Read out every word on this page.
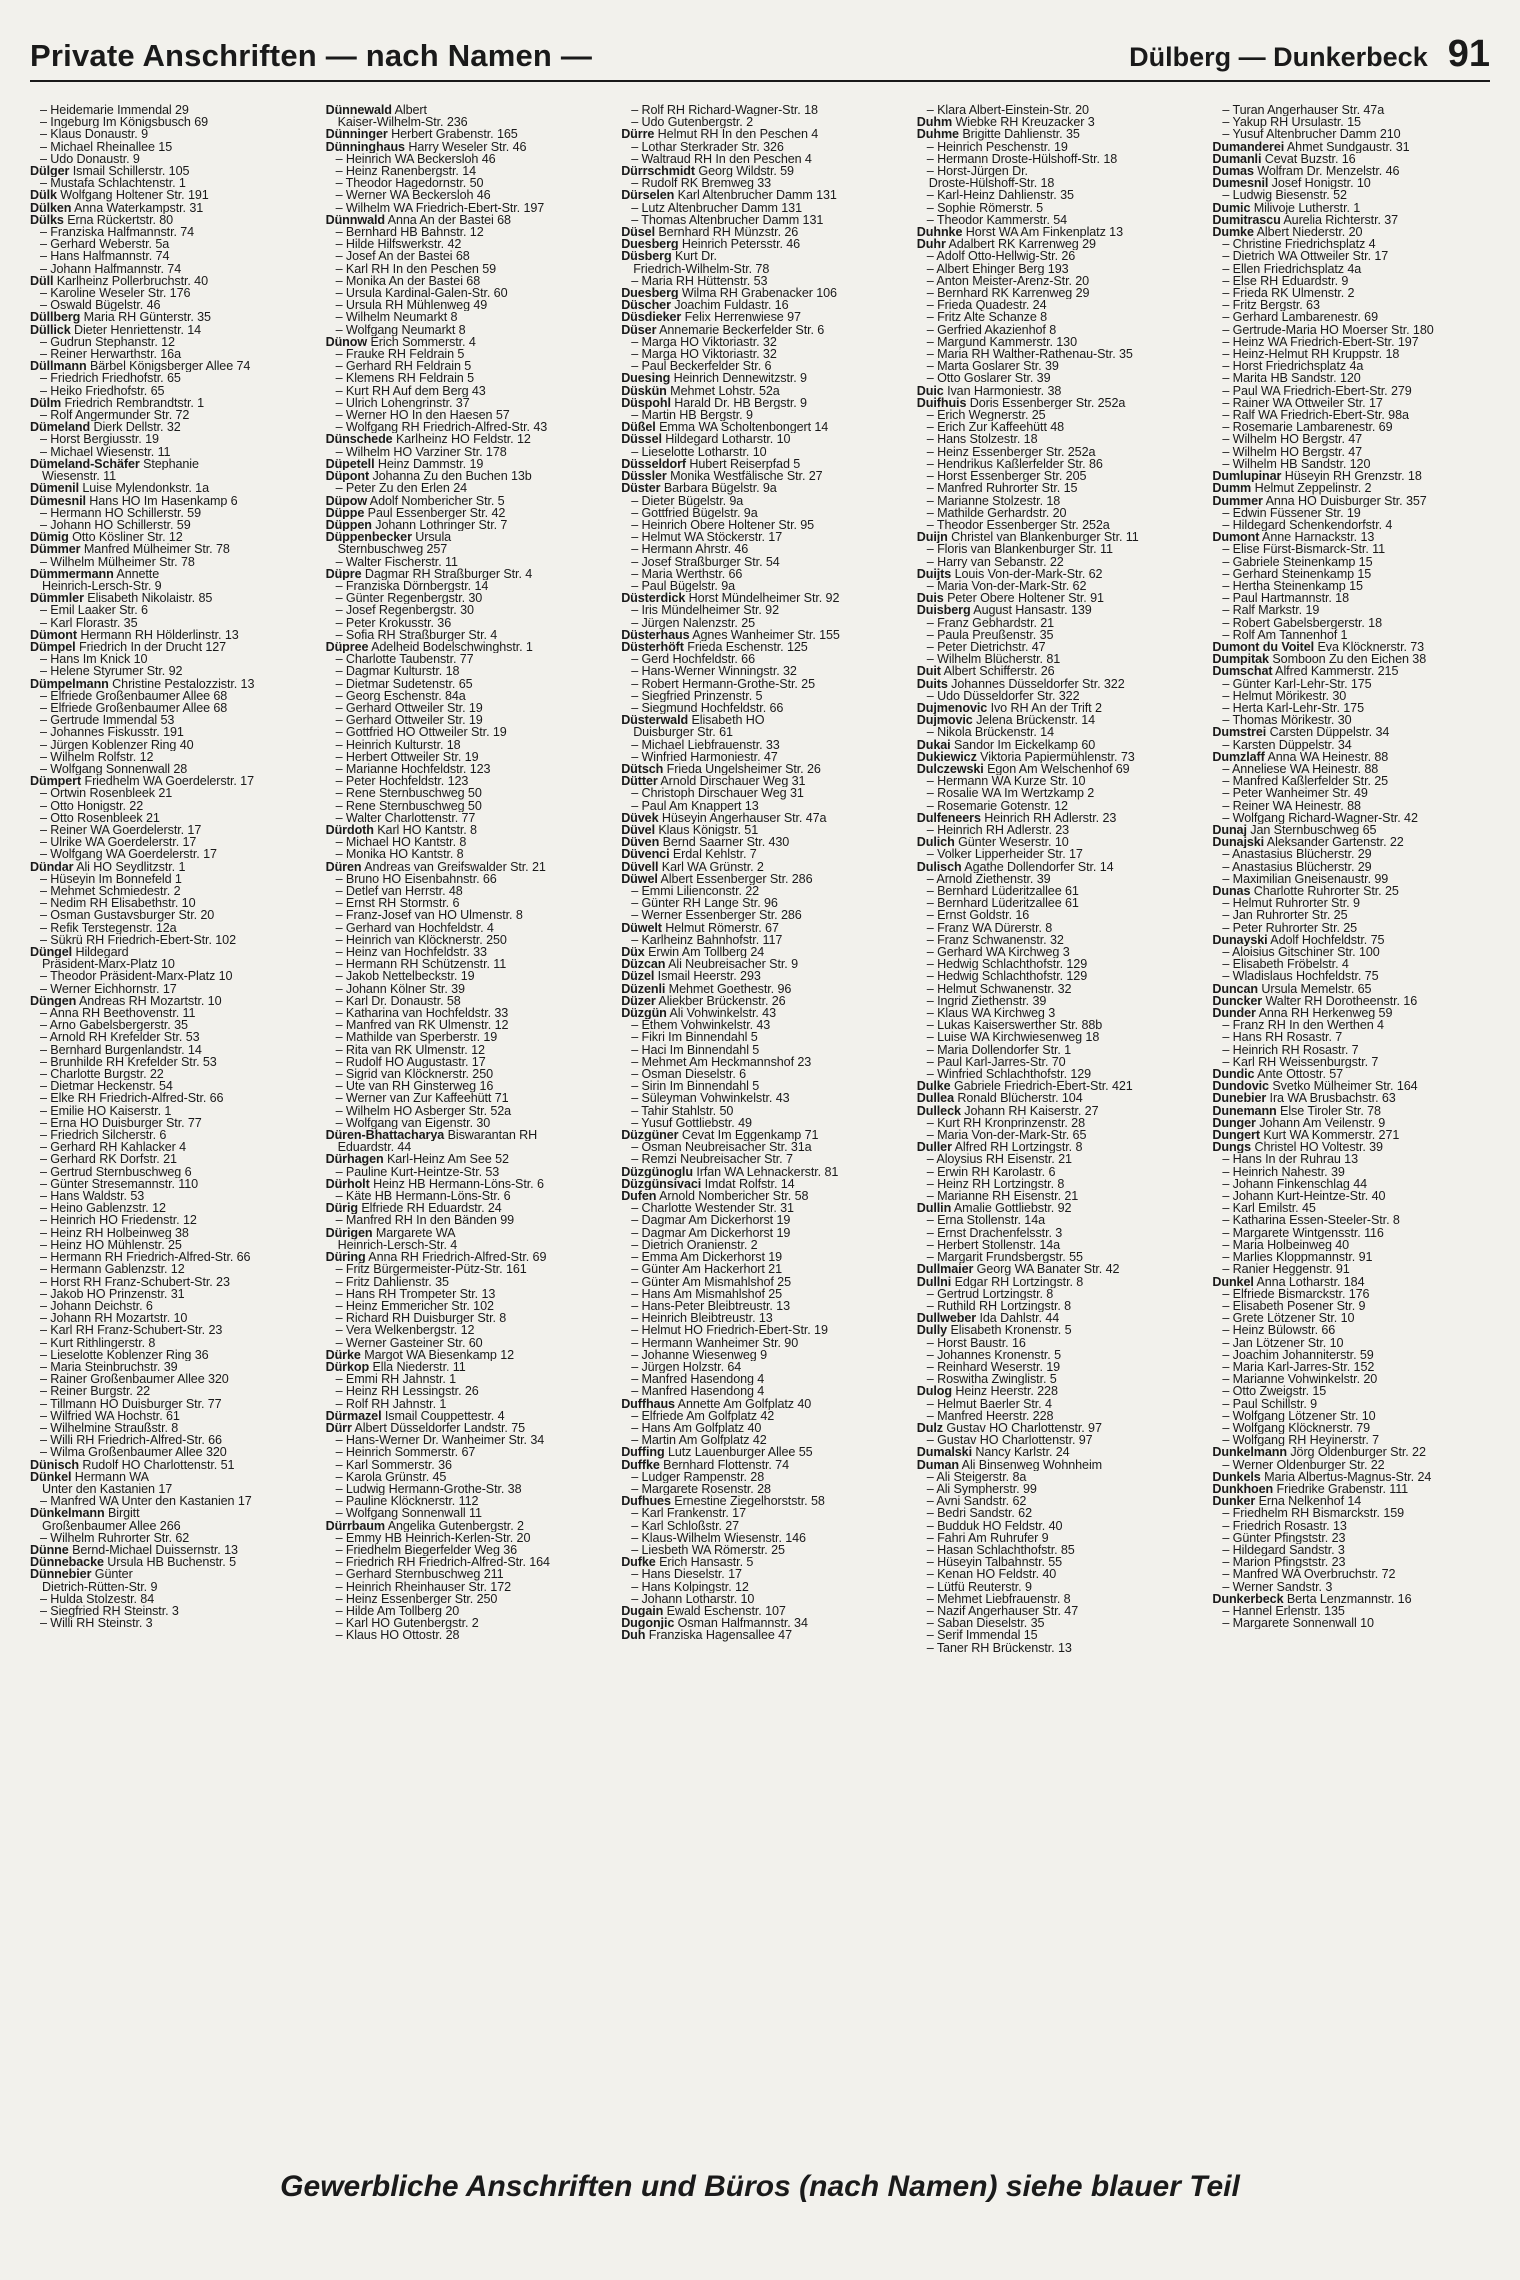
Private Anschriften — nach Namen —	Dülberg — Dunkerbeck 91
– Heidemarie Immendal 29
– Ingeburg Im Königsbusch 69
– Klaus Donaustr. 9
– Michael Rheinallee 15
– Udo Donaustr. 9
Dülger Ismail Schillerstr. 105
– Mustafa Schlachtenstr. 1
Dülk Wolfgang Holtener Str. 191
Dülken Anna Waterkampstr. 31
Dülks Erna Rückertstr. 80
– Franziska Halfmannstr. 74
– Gerhard Weberstr. 5a
– Hans Halfmannstr. 74
– Johann Halfmannstr. 74
Düll Karlheinz Pollerbruchstr. 40
– Karoline Weseler Str. 176
– Oswald Bügelstr. 46
Düllberg Maria RH Günterstr. 35
Düllick Dieter Henriettenstr. 14
– Gudrun Stephanstr. 12
– Reiner Herwarthstr. 16a
Düllmann Bärbel Königsberger Allee 74
– Friedrich Friedhofstr. 65
– Heiko Friedhofstr. 65
Dülm Friedrich Rembrandtstr. 1
– Rolf Angermunder Str. 72
Dümeland Dierk Dellstr. 32
– Horst Bergiusstr. 19
– Michael Wiesenstr. 11
Dümeland-Schäfer Stephanie
Wiesenstr. 11
Dümenil Luise Mylendonkstr. 1a
Dümesnil Hans HO Im Hasenkamp 6
– Hermann HO Schillerstr. 59
– Johann HO Schillerstr. 59
Dümig Otto Kösliner Str. 12
Dümmer Manfred Mülheimer Str. 78
– Wilhelm Mülheimer Str. 78
Dümmermann Annette
Heinrich-Lersch-Str. 9
Dümmler Elisabeth Nikolaistr. 85
– Emil Laaker Str. 6
– Karl Florastr. 35
Dümont Hermann RH Hölderlinstr. 13
Dümpel Friedrich In der Drucht 127
– Hans Im Knick 10
– Helene Styrumer Str. 92
Dümpelmann Christine Pestalozzistr. 13
– Elfriede Großenbaumer Allee 68
– Elfriede Großenbaumer Allee 68
– Gertrude Immendal 53
– Johannes Fiskusstr. 191
– Jürgen Koblenzer Ring 40
– Wilhelm Rolfstr. 12
– Wolfgang Sonnenwall 28
Dümpert Friedhelm WA Goerdelerstr. 17
– Ortwin Rosenbleek 21
– Otto Honigstr. 22
– Otto Rosenbleek 21
– Reiner WA Goerdelerstr. 17
– Ulrike WA Goerdelerstr. 17
– Wolfgang WA Goerdelerstr. 17
Dündar Ali HO Seydlitzstr. 1
– Hüseyin Im Bonnefeld 1
– Mehmet Schmiedestr. 2
– Nedim RH Elisabethstr. 10
– Osman Gustavsburger Str. 20
– Refik Terstegenstr. 12a
– Sükrü RH Friedrich-Ebert-Str. 102
Düngel Hildegard
Präsident-Marx-Platz 10
– Theodor Präsident-Marx-Platz 10
– Werner Eichhornstr. 17
Düngen Andreas RH Mozartstr. 10
– Anna RH Beethovenstr. 11
– Arno Gabelsbergerstr. 35
– Arnold RH Krefelder Str. 53
– Bernhard Burgenlandstr. 14
– Brunhilde RH Krefelder Str. 53
– Charlotte Burgstr. 22
– Dietmar Heckenstr. 54
– Elke RH Friedrich-Alfred-Str. 66
– Emilie HO Kaiserstr. 1
– Erna HO Duisburger Str. 77
– Friedrich Silcherstr. 6
– Gerhard RH Kahlacker 4
– Gerhard RK Dorfstr. 21
– Gertrud Sternbuschweg 6
– Günter Stresemannstr. 110
– Hans Waldstr. 53
– Heino Gablenzstr. 12
– Heinrich HO Friedenstr. 12
– Heinz RH Holbeinweg 38
– Heinz HO Mühlenstr. 25
– Hermann RH Friedrich-Alfred-Str. 66
– Hermann Gablenzstr. 12
– Horst RH Franz-Schubert-Str. 23
– Jakob HO Prinzenstr. 31
– Johann Deichstr. 6
– Johann RH Mozartstr. 10
– Karl RH Franz-Schubert-Str. 23
– Kurt Rithlingerstr. 8
– Lieselotte Koblenzer Ring 36
– Maria Steinbruchstr. 39
– Rainer Großenbaumer Allee 320
– Reiner Burgstr. 22
– Tillmann HO Duisburger Str. 77
– Wilfried WA Hochstr. 61
– Wilhelmine Straußstr. 8
– Willi RH Friedrich-Alfred-Str. 66
– Wilma Großenbaumer Allee 320
Dünisch Rudolf HO Charlottenstr. 51
Dünkel Hermann WA
Unter den Kastanien 17
– Manfred WA Unter den Kastanien 17
Dünkelmann Birgitt
Großenbaumer Allee 266
– Wilhelm Ruhrorter Str. 62
Dünne Bernd-Michael Duissernstr. 13
Dünnebacke Ursula HB Buchenstr. 5
Dünnebier Günter
Dietrich-Rütten-Str. 9
– Hulda Stolzestr. 84
– Siegfried RH Steinstr. 3
– Willi RH Steinstr. 3
Dünnewald Albert
Kaiser-Wilhelm-Str. 236
Dünninger Herbert Grabenstr. 165
Dünninghaus Harry Weseler Str. 46
– Heinrich WA Beckersloh 46
– Heinz Ranenbergstr. 14
– Theodor Hagedornstr. 50
– Werner WA Beckersloh 46
– Wilhelm WA Friedrich-Ebert-Str. 197
Dünnwald Anna An der Bastei 68
– Bernhard HB Bahnstr. 12
– Hilde Hilfswerkstr. 42
– Josef An der Bastei 68
– Karl RH In den Peschen 59
– Monika An der Bastei 68
– Ursula Kardinal-Galen-Str. 60
– Ursula RH Mühlenweg 49
– Wilhelm Neumarkt 8
– Wolfgang Neumarkt 8
Dünow Erich Sommerstr. 4
– Frauke RH Feldrain 5
– Gerhard RH Feldrain 5
– Klemens RH Feldrain 5
– Kurt RH Auf dem Berg 43
– Ulrich Lohengrinstr. 37
– Werner HO In den Haesen 57
– Wolfgang RH Friedrich-Alfred-Str. 43
Dünschede Karlheinz HO Feldstr. 12
– Wilhelm HO Varziner Str. 178
Düpetell Heinz Dammstr. 19
Düpont Johanna Zu den Buchen 13b
– Peter Zu den Erlen 24
Düpow Adolf Nombericher Str. 5
Düppe Paul Essenberger Str. 42
Düppen Johann Lothringer Str. 7
Düppenbecker Ursula
Sternbuschweg 257
– Walter Fischerstr. 11
Düpre Dagmar RH Straßburger Str. 4
– Franziska Dörnbergstr. 14
– Günter Regenbergstr. 30
– Josef Regenbergstr. 30
– Peter Krokusstr. 36
– Sofia RH Straßburger Str. 4
Düpree Adelheid Bodelschwinghstr. 1
– Charlotte Taubenstr. 77
– Dagmar Kulturstr. 18
– Dietmar Sudetenstr. 65
– Georg Eschenstr. 84a
– Gerhard Ottweiler Str. 19
– Gerhard Ottweiler Str. 19
– Gottfried HO Ottweiler Str. 19
– Heinrich Kulturstr. 18
– Herbert Ottweiler Str. 19
– Marianne Hochfeldstr. 123
– Peter Hochfeldstr. 123
– Rene Sternbuschweg 50
– Rene Sternbuschweg 50
– Walter Charlottenstr. 77
Dürdoth Karl HO Kantstr. 8
– Michael HO Kantstr. 8
– Monika HO Kantstr. 8
Düren Andreas van Greifswalder Str. 21
– Bruno HO Eisenbahnstr. 66
– Detlef van Herrstr. 48
– Ernst RH Stormstr. 6
– Franz-Josef van HO Ulmenstr. 8
– Gerhard van Hochfeldstr. 4
– Heinrich van Klöcknerstr. 250
– Heinz van Hochfeldstr. 33
– Hermann RH Schützenstr. 11
– Jakob Nettelbeckstr. 19
– Johann Kölner Str. 39
– Karl Dr. Donaustr. 58
– Katharina van Hochfeldstr. 33
– Manfred van RK Ulmenstr. 12
– Mathilde van Sperberstr. 19
– Rita van RK Ulmenstr. 12
– Rudolf HO Augustastr. 17
– Sigrid van Klöcknerstr. 250
– Ute van RH Ginsterweg 16
– Werner van Zur Kaffeehütt 71
– Wilhelm HO Asberger Str. 52a
– Wolfgang van Eigenstr. 30
Düren-Bhattacharya Biswarantan RH
Eduardstr. 44
Dürhagen Karl-Heinz Am See 52
– Pauline Kurt-Heintze-Str. 53
Dürholt Heinz HB Hermann-Löns-Str. 6
– Käte HB Hermann-Löns-Str. 6
Dürig Elfriede RH Eduardstr. 24
– Manfred RH In den Bänden 99
Dürigen Margarete WA
Heinrich-Lersch-Str. 4
Düring Anna RH Friedrich-Alfred-Str. 69
– Fritz Bürgermeister-Pütz-Str. 161
– Fritz Dahlienstr. 35
– Hans RH Trompeter Str. 13
– Heinz Emmericher Str. 102
– Richard RH Duisburger Str. 8
– Vera Welkenbergstr. 12
– Werner Gasteiner Str. 60
Dürke Margot WA Biesenkamp 12
Dürkop Ella Niederstr. 11
– Emmi RH Jahnstr. 1
– Heinz RH Lessingstr. 26
– Rolf RH Jahnstr. 1
Dürmazel Ismail Couppettestr. 4
Dürr Albert Düsseldorfer Landstr. 75
– Hans-Werner Dr. Wanheimer Str. 34
– Heinrich Sommerstr. 67
– Karl Sommerstr. 36
– Karola Grünstr. 45
– Ludwig Hermann-Grothe-Str. 38
– Pauline Klöcknerstr. 112
– Wolfgang Sonnenwall 11
Dürrbaum Angelika Gutenbergstr. 2
– Emmy HB Heinrich-Kerlen-Str. 20
– Friedhelm Biegerfelder Weg 36
– Friedrich RH Friedrich-Alfred-Str. 164
– Gerhard Sternbuschweg 211
– Heinrich Rheinhauser Str. 172
– Heinz Essenberger Str. 250
– Hilde Am Tollberg 20
– Karl HO Gutenbergstr. 2
– Klaus HO Ottostr. 28
– Rolf RH Richard-Wagner-Str. 18
– Udo Gutenbergstr. 2
Dürre Helmut RH In den Peschen 4
– Lothar Sterkrader Str. 326
– Waltraud RH In den Peschen 4
Dürrschmidt Georg Wildstr. 59
– Rudolf RK Bremweg 33
Dürselen Karl Altenbrucher Damm 131
– Lutz Altenbrucher Damm 131
– Thomas Altenbrucher Damm 131
Düsel Bernhard RH Münzstr. 26
Duesberg Heinrich Petersstr. 46
Düsberg Kurt Dr.
Friedrich-Wilhelm-Str. 78
– Maria RH Hüttenstr. 53
Duesberg Wilma RH Grabenacker 106
Düscher Joachim Fuldastr. 16
Düsdieker Felix Herrenwiese 97
Düser Annemarie Beckerfelder Str. 6
– Marga HO Viktoriastr. 32
– Marga HO Viktoriastr. 32
– Paul Beckerfelder Str. 6
Duesing Heinrich Dennewitzstr. 9
Düskün Mehmet Lohstr. 52a
Düspohl Harald Dr. HB Bergstr. 9
– Martin HB Bergstr. 9
Düßel Emma WA Scholtenbongert 14
Düssel Hildegard Lotharstr. 10
– Lieselotte Lotharstr. 10
Düsseldorf Hubert Reiserpfad 5
Düssler Monika Westfälische Str. 27
Düster Barbara Bügelstr. 9a
– Dieter Bügelstr. 9a
– Gottfried Bügelstr. 9a
– Heinrich Obere Holtener Str. 95
– Helmut WA Stöckerstr. 17
– Hermann Ahrstr. 46
– Josef Straßburger Str. 54
– Maria Werthstr. 66
– Paul Bügelstr. 9a
Düsterdick Horst Mündelheimer Str. 92
– Iris Mündelheimer Str. 92
– Jürgen Nalenzstr. 25
Düsterhaus Agnes Wanheimer Str. 155
Düsterhöft Frieda Eschenstr. 125
– Gerd Hochfeldstr. 66
– Hans-Werner Winningstr. 32
– Robert Hermann-Grothe-Str. 25
– Siegfried Prinzenstr. 5
– Siegmund Hochfeldstr. 66
Düsterwald Elisabeth HO
Duisburger Str. 61
– Michael Liebfrauenstr. 33
– Winfried Harmoniestr. 47
Dütsch Frieda Ungelsheimer Str. 26
Dütter Arnold Dirschauer Weg 31
– Christoph Dirschauer Weg 31
– Paul Am Knappert 13
Düvek Hüseyin Angerhauser Str. 47a
Düvel Klaus Königstr. 51
Düven Bernd Saarner Str. 430
Düvenci Erdal Kehlstr. 7
Düvell Karl WA Grünstr. 2
Düwel Albert Essenberger Str. 286
– Emmi Lilienconstr. 22
– Günter RH Lange Str. 96
– Werner Essenberger Str. 286
Düwelt Helmut Römerstr. 67
– Karlheinz Bahnhofstr. 117
Düx Erwin Am Tollberg 24
Düzcan Ali Neubreisacher Str. 9
Düzel İsmail Heerstr. 293
Düzenli Mehmet Goethestr. 96
Düzer Aliekber Brückenstr. 26
Düzgün Ali Vohwinkelstr. 43
– Ethem Vohwinkelstr. 43
– Fikri Im Binnendahl 5
– Haci Im Binnendahl 5
– Mehmet Am Heckmannshof 23
– Osman Dieselstr. 6
– Sirin Im Binnendahl 5
– Süleyman Vohwinkelstr. 43
– Tahir Stahlstr. 50
– Yusuf Gottliebstr. 49
Düzgüner Cevat Im Eggenkamp 71
– Osman Neubreisacher Str. 31a
– Remzi Neubreisacher Str. 7
Düzgünoglu Irfan WA Lehnackerstr. 81
Düzgünsivaci Imdat Rolfstr. 14
Dufen Arnold Nombericher Str. 58
– Charlotte Westender Str. 31
– Dagmar Am Dickerhorst 19
– Dagmar Am Dickerhorst 19
– Dietrich Oranienstr. 2
– Emma Am Dickerhorst 19
– Günter Am Hackerhort 21
– Günter Am Mismahlshof 25
– Hans Am Mismahlshof 25
– Hans-Peter Bleibtreustr. 13
– Heinrich Bleibtreustr. 13
– Helmut HO Friedrich-Ebert-Str. 19
– Hermann Wanheimer Str. 90
– Johanne Wiesenweg 9
– Jürgen Holzstr. 64
– Manfred Hasendong 4
– Manfred Hasendong 4
Duffhaus Annette Am Golfplatz 40
– Elfriede Am Golfplatz 42
– Hans Am Golfplatz 40
– Martin Am Golfplatz 42
Duffing Lutz Lauenburger Allee 55
Duffke Bernhard Flottenstr. 74
– Ludger Rampenstr. 28
– Margarete Rosenstr. 28
Dufhues Ernestine Ziegelhorststr. 58
– Karl Frankenstr. 17
– Karl Schloßstr. 27
– Klaus-Wilhelm Wiesenstr. 146
– Liesbeth WA Römerstr. 25
Dufke Erich Hansastr. 5
– Hans Dieselstr. 17
– Hans Kolpingstr. 12
– Johann Lotharstr. 10
Dugain Ewald Eschenstr. 107
Dugonjic Osman Halfmannstr. 34
Duh Franziska Hagensallee 47
– Klara Albert-Einstein-Str. 20
Duhm Wiebke RH Kreuzacker 3
Duhme Brigitte Dahlienstr. 35
– Heinrich Peschenstr. 19
– Hermann Droste-Hülshoff-Str. 18
– Horst-Jürgen Dr.
Droste-Hülshoff-Str. 18
– Karl-Heinz Dahlienstr. 35
– Sophie Römerstr. 5
– Theodor Kammerstr. 54
Duhnke Horst WA Am Finkenplatz 13
Duhr Adalbert RK Karrenweg 29
– Adolf Otto-Hellwig-Str. 26
– Albert Ehinger Berg 193
– Anton Meister-Arenz-Str. 20
– Bernhard RK Karrenweg 29
– Frieda Quadestr. 24
– Fritz Alte Schanze 8
– Gerfried Akazienhof 8
– Margund Kammerstr. 130
– Maria RH Walther-Rathenau-Str. 35
– Marta Goslarer Str. 39
– Otto Goslarer Str. 39
Duic Ivan Harmoniestr. 38
Duifhuis Doris Essenberger Str. 252a
– Erich Wegnerstr. 25
– Erich Zur Kaffeehütt 48
– Hans Stolzestr. 18
– Heinz Essenberger Str. 252a
– Hendrikus Kaßlerfelder Str. 86
– Horst Essenberger Str. 205
– Manfred Ruhrorter Str. 15
– Marianne Stolzestr. 18
– Mathilde Gerhardstr. 20
– Theodor Essenberger Str. 252a
Duijn Christel van Blankenburger Str. 11
– Floris van Blankenburger Str. 11
– Harry van Sebanstr. 22
Duijts Louis Von-der-Mark-Str. 62
– Maria Von-der-Mark-Str. 62
Duis Peter Obere Holtener Str. 91
Duisberg August Hansastr. 139
– Franz Gebhardstr. 21
– Paula Preußenstr. 35
– Peter Dietrichstr. 47
– Wilhelm Blücherstr. 81
Duit Albert Schifferstr. 26
Duits Johannes Düsseldorfer Str. 322
– Udo Düsseldorfer Str. 322
Dujmenovic Ivo RH An der Trift 2
Dujmovic Jelena Brückenstr. 14
– Nikola Brückenstr. 14
Dukai Sandor Im Eickelkamp 60
Dukiewicz Viktoria Papiermühlenstr. 73
Dulczewski Egon Am Welschenhof 69
– Hermann WA Kurze Str. 10
– Rosalie WA Im Wertzkamp 2
– Rosemarie Gotenstr. 12
Dulfeneers Heinrich RH Adlerstr. 23
– Heinrich RH Adlerstr. 23
Dulich Günter Weserstr. 10
– Volker Lipperheider Str. 17
Dulisch Agathe Dollendorfer Str. 14
– Arnold Ziethenstr. 39
– Bernhard Lüderitzallee 61
– Bernhard Lüderitzallee 61
– Ernst Goldstr. 16
– Franz WA Dürerstr. 8
– Franz Schwanenstr. 32
– Gerhard WA Kirchweg 3
– Hedwig Schlachthofstr. 129
– Hedwig Schlachthofstr. 129
– Helmut Schwanenstr. 32
– Ingrid Ziethenstr. 39
– Klaus WA Kirchweg 3
– Lukas Kaiserswerther Str. 88b
– Luise WA Kirchwiesenweg 18
– Maria Dollendorfer Str. 1
– Paul Karl-Jarres-Str. 70
– Winfried Schlachthofstr. 129
Dulke Gabriele Friedrich-Ebert-Str. 421
Dullea Ronald Blücherstr. 104
Dulleck Johann RH Kaiserstr. 27
– Kurt RH Kronprinzenstr. 28
– Maria Von-der-Mark-Str. 65
Duller Alfred RH Lortzingstr. 8
– Aloysius RH Eisenstr. 21
– Erwin RH Karolastr. 6
– Heinz RH Lortzingstr. 8
– Marianne RH Eisenstr. 21
Dullin Amalie Gottliebstr. 92
– Erna Stollenstr. 14a
– Ernst Drachenfelsstr. 3
– Herbert Stollenstr. 14a
– Margarit Frundsbergstr. 55
Dullmaier Georg WA Banater Str. 42
Dullni Edgar RH Lortzingstr. 8
– Gertrud Lortzingstr. 8
– Ruthild RH Lortzingstr. 8
Dullweber Ida Dahlstr. 44
Dully Elisabeth Kronenstr. 5
– Horst Baustr. 16
– Johannes Kronenstr. 5
– Reinhard Weserstr. 19
– Roswitha Zwinglistr. 5
Dulog Heinz Heerstr. 228
– Helmut Baerler Str. 4
– Manfred Heerstr. 228
Dulz Gustav HO Charlottenstr. 97
– Gustav HO Charlottenstr. 97
Dumalski Nancy Karlstr. 24
Duman Ali Binsenweg Wohnheim
– Ali Steigerstr. 8a
– Ali Sympherstr. 99
– Avni Sandstr. 62
– Bedri Sandstr. 62
– Budduk HO Feldstr. 40
– Fahri Am Ruhrufer 9
– Hasan Schlachthofstr. 85
– Hüseyin Talbahnstr. 55
– Kenan HO Feldstr. 40
– Lütfü Reuterstr. 9
– Mehmet Liebfrauenstr. 8
– Nazif Angerhauser Str. 47
– Saban Dieselstr. 35
– Serif Immendal 15
– Taner RH Brückenstr. 13
– Turan Angerhauser Str. 47a
– Yakup RH Ursulastr. 15
– Yusuf Altenbrucher Damm 210
Dumanderei Ahmet Sundgaustr. 31
Dumanli Cevat Buzstr. 16
Dumas Wolfram Dr. Menzelstr. 46
Dumesnil Josef Honigstr. 10
– Ludwig Biesenstr. 52
Dumic Milivoje Lutherstr. 1
Dumitrascu Aurelia Richterstr. 37
Dumke Albert Niederstr. 20
– Christine Friedrichsplatz 4
– Dietrich WA Ottweiler Str. 17
– Ellen Friedrichsplatz 4a
– Else RH Eduardstr. 9
– Frieda RK Ulmenstr. 2
– Fritz Bergstr. 63
– Gerhard Lambarenestr. 69
– Gertrude-Maria HO Moerser Str. 180
– Heinz WA Friedrich-Ebert-Str. 197
– Heinz-Helmut RH Kruppstr. 18
– Horst Friedrichsplatz 4a
– Marita HB Sandstr. 120
– Paul WA Friedrich-Ebert-Str. 279
– Rainer WA Ottweiler Str. 17
– Ralf WA Friedrich-Ebert-Str. 98a
– Rosemarie Lambarenestr. 69
– Wilhelm HO Bergstr. 47
– Wilhelm HO Bergstr. 47
– Wilhelm HB Sandstr. 120
Dumlupinar Hüseyin RH Grenzstr. 18
Dumm Helmut Zeppelinstr. 2
Dummer Anna HO Duisburger Str. 357
– Edwin Füssener Str. 19
– Hildegard Schenkendorfstr. 4
Dumont Anne Harnackstr. 13
– Elise Fürst-Bismarck-Str. 11
– Gabriele Steinenkamp 15
– Gerhard Steinenkamp 15
– Hertha Steinenkamp 15
– Paul Hartmannstr. 18
– Ralf Markstr. 19
– Robert Gabelsbergerstr. 18
– Rolf Am Tannenhof 1
Dumont du Voitel Eva Klöcknerstr. 73
Dumpitak Somboon Zu den Eichen 38
Dumschat Alfred Kammerstr. 215
– Günter Karl-Lehr-Str. 175
– Helmut Mörikestr. 30
– Herta Karl-Lehr-Str. 175
– Thomas Mörikestr. 30
Dumstrei Carsten Düppelstr. 34
– Karsten Düppelstr. 34
Dumzlaff Anna WA Heinestr. 88
– Anneliese WA Heinestr. 88
– Manfred Kaßlerfelder Str. 25
– Peter Wanheimer Str. 49
– Reiner WA Heinestr. 88
– Wolfgang Richard-Wagner-Str. 42
Dunaj Jan Sternbuschweg 65
Dunajski Aleksander Gartenstr. 22
– Anastasius Blücherstr. 29
– Anastasius Blücherstr. 29
– Maximilian Gneisenaustr. 99
Dunas Charlotte Ruhrorter Str. 25
– Helmut Ruhrorter Str. 9
– Jan Ruhrorter Str. 25
– Peter Ruhrorter Str. 25
Dunayski Adolf Hochfeldstr. 75
– Aloisius Gitschiner Str. 100
– Elisabeth Fröbelstr. 4
– Wladislaus Hochfeldstr. 75
Duncan Ursula Memelstr. 65
Duncker Walter RH Dorotheenstr. 16
Dunder Anna RH Herkenweg 59
– Franz RH In den Werthen 4
– Hans RH Rosastr. 7
– Heinrich RH Rosastr. 7
– Karl RH Weissenburgstr. 7
Dundic Ante Ottostr. 57
Dundovic Svetko Mülheimer Str. 164
Dunebier Ira WA Brusbachstr. 63
Dunemann Else Tiroler Str. 78
Dunger Johann Am Veilenstr. 9
Dungert Kurt WA Kommerstr. 271
Dungs Christel HO Voltestr. 39
– Hans In der Ruhrau 13
– Heinrich Nahestr. 39
– Johann Finkenschlag 44
– Johann Kurt-Heintze-Str. 40
– Karl Emilstr. 45
– Katharina Essen-Steeler-Str. 8
– Margarete Wintgensstr. 116
– Maria Holbeinweg 40
– Marlies Kloppmannstr. 91
– Ranier Heggenstr. 91
Dunkel Anna Lotharstr. 184
– Elfriede Bismarckstr. 176
– Elisabeth Posener Str. 9
– Grete Lötzener Str. 10
– Heinz Bülowstr. 66
– Jan Lötzener Str. 10
– Joachim Johanniterstr. 59
– Maria Karl-Jarres-Str. 152
– Marianne Vohwinkelstr. 20
– Otto Zweigstr. 15
– Paul Schillstr. 9
– Wolfgang Lötzener Str. 10
– Wolfgang Klöcknerstr. 79
– Wolfgang RH Heyinerstr. 7
Dunkelmann Jörg Oldenburger Str. 22
– Werner Oldenburger Str. 22
Dunkels Maria Albertus-Magnus-Str. 24
Dunkhoen Friedrike Grabenstr. 111
Dunker Erna Nelkenhof 14
– Friedhelm RH Bismarckstr. 159
– Friedrich Rosastr. 13
– Günter Pfingststr. 23
– Hildegard Sandstr. 3
– Marion Pfingststr. 23
– Manfred WA Overbruchstr. 72
– Werner Sandstr. 3
Dunkerbeck Berta Lenzmannstr. 16
– Hannel Erlenstr. 135
– Margarete Sonnenwall 10
Gewerbliche Anschriften und Büros (nach Namen) siehe blauer Teil
